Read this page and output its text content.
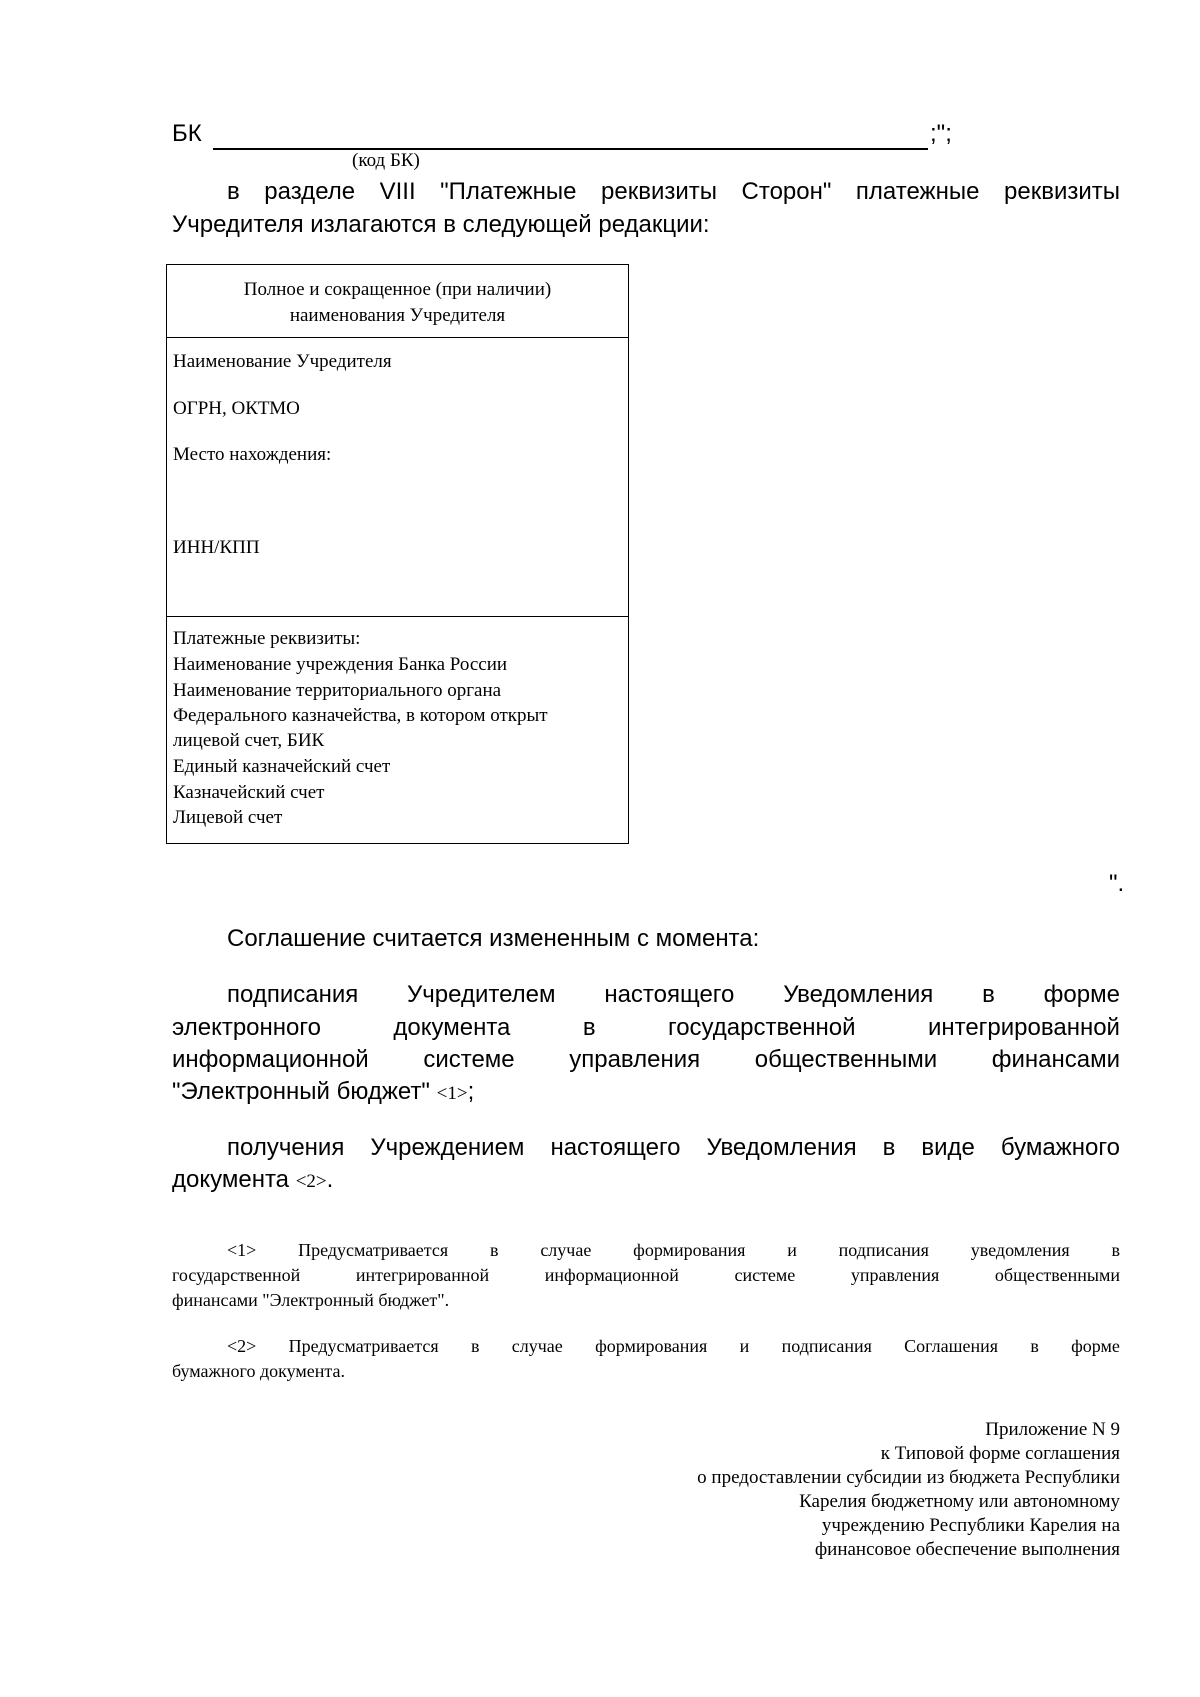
БК	;";
(код БК)
в разделе VIII "Платежные реквизиты Сторон" платежные реквизиты
Учредителя излагаются в следующей редакции:
Полное и сокращенное (при наличии)
наименования Учредителя
Наименование Учредителя
ОГРН, ОКТМО
Место нахождения:
ИНН/КПП
Платежные реквизиты:
Наименование учреждения Банка России
Наименование территориального органа
Федерального казначейства, в котором открыт
лицевой счет, БИК
Единый казначейский счет
Казначейский счет
Лицевой счет
".
Соглашение считается измененным с момента:
подписания Учредителем настоящего Уведомления в форме
электронного	документа	в	государственной	интегрированной
информационной системе управления общественными финансами
"Электронный бюджет" <1>;
получения Учреждением настоящего Уведомления в виде бумажного
документа <2>.
<1> Предусматривается в случае формирования и подписания уведомления в
государственной	интегрированной	информационной	системе	управления	общественными
финансами "Электронный бюджет".
<2> Предусматривается в случае формирования и подписания Соглашения в форме
бумажного документа.
Приложение N 9
к Типовой форме соглашения
о предоставлении субсидии из бюджета Республики
Карелия бюджетному или автономному
учреждению Республики Карелия на
финансовое обеспечение выполнения
